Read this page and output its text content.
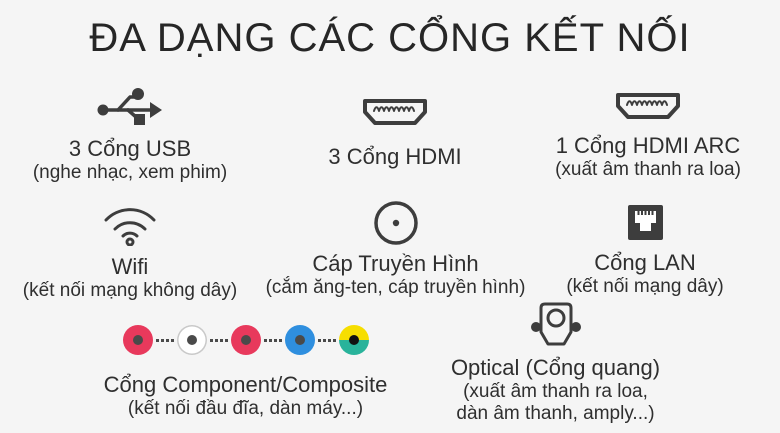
ĐA DẠNG CÁC CỔNG KẾT NỐI
3 Cổng USB
(nghe nhạc, xem phim)
3 Cổng HDMI	1 Cổng HDMI ARC
(xuất âm thanh ra loa)
Wifi
(kết nối mạng không dây)
Cáp Truyền Hình
(cắm ăng-ten, cáp truyền hình)
Cổng LAN
(kết nối mạng dây)
Cổng Component/Composite
(kết nối đầu đĩa, dàn máy...)
Optical (Cổng quang)
(xuất âm thanh ra loa,
dàn âm thanh, amply...)
